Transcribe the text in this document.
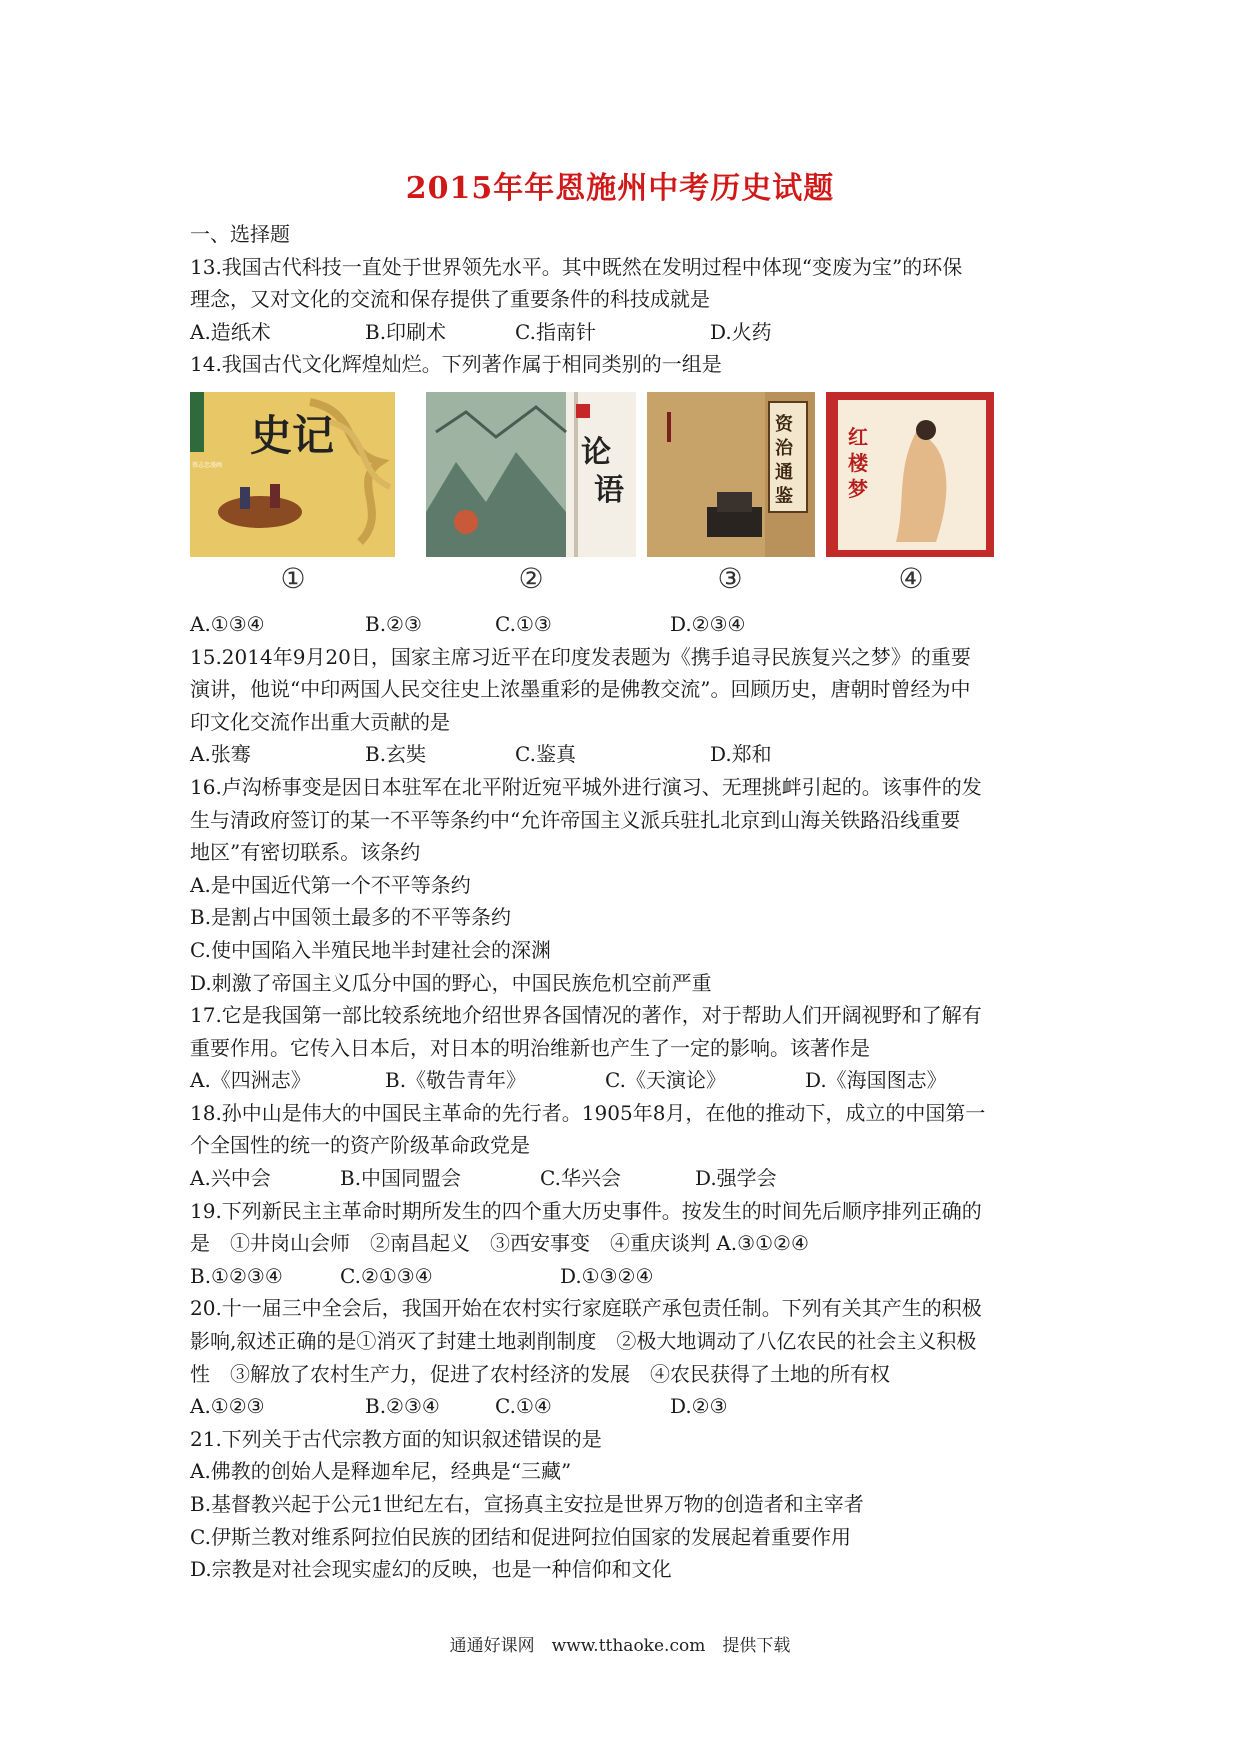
2015年年恩施州中考历史试题
一、选择题
13.我国古代科技一直处于世界领先水平。其中既然在发明过程中体现“变废为宝”的环保
理念，又对文化的交流和保存提供了重要条件的科技成就是
A.造纸术	B.印刷术	C.指南针	D.火药
14.我国古代文化辉煌灿烂。下列著作属于相同类别的一组是
A.①③④	B.②③	C.①③	D.②③④
15.2014年9月20日，国家主席习近平在印度发表题为《携手追寻民族复兴之梦》的重要
演讲，他说“中印两国人民交往史上浓墨重彩的是佛教交流”。回顾历史，唐朝时曾经为中
印文化交流作出重大贡献的是
A.张骞	B.玄奘	C.鉴真	D.郑和
16.卢沟桥事变是因日本驻军在北平附近宛平城外进行演习、无理挑衅引起的。该事件的发
生与清政府签订的某一不平等条约中“允许帝国主义派兵驻扎北京到山海关铁路沿线重要
地区”有密切联系。该条约
A.是中国近代第一个不平等条约
B.是割占中国领土最多的不平等条约
C.使中国陷入半殖民地半封建社会的深渊
D.刺激了帝国主义瓜分中国的野心，中国民族危机空前严重
17.它是我国第一部比较系统地介绍世界各国情况的著作，对于帮助人们开阔视野和了解有
重要作用。它传入日本后，对日本的明治维新也产生了一定的影响。该著作是
A.《四洲志》	B.《敬告青年》	C.《天演论》	D.《海国图志》
18.孙中山是伟大的中国民主革命的先行者。1905年8月，在他的推动下，成立的中国第一
个全国性的统一的资产阶级革命政党是
A.兴中会	B.中国同盟会	C.华兴会	D.强学会
19.下列新民主主革命时期所发生的四个重大历史事件。按发生的时间先后顺序排列正确的
是　①井岗山会师　②南昌起义　③西安事变　④重庆谈判 A.③①②④
B.①②③④	C.②①③④	D.①③②④
20.十一届三中全会后，我国开始在农村实行家庭联产承包责任制。下列有关其产生的积极
影响,叙述正确的是①消灭了封建土地剥削制度　②极大地调动了八亿农民的社会主义积极
性　③解放了农村生产力，促进了农村经济的发展　④农民获得了土地的所有权
A.①②③	B.②③④	C.①④	D.②③
21.下列关于古代宗教方面的知识叙述错误的是
A.佛教的创始人是释迦牟尼，经典是“三藏”
B.基督教兴起于公元1世纪左右，宣扬真主安拉是世界万物的创造者和主宰者
C.伊斯兰教对维系阿拉伯民族的团结和促进阿拉伯国家的发展起着重要作用
D.宗教是对社会现实虚幻的反映，也是一种信仰和文化
史记
蔡志忠漫画	论
语
资
治
通
鉴
红
楼
梦
①	②	③	④
通通好课网　www.tthaoke.com　提供下载
